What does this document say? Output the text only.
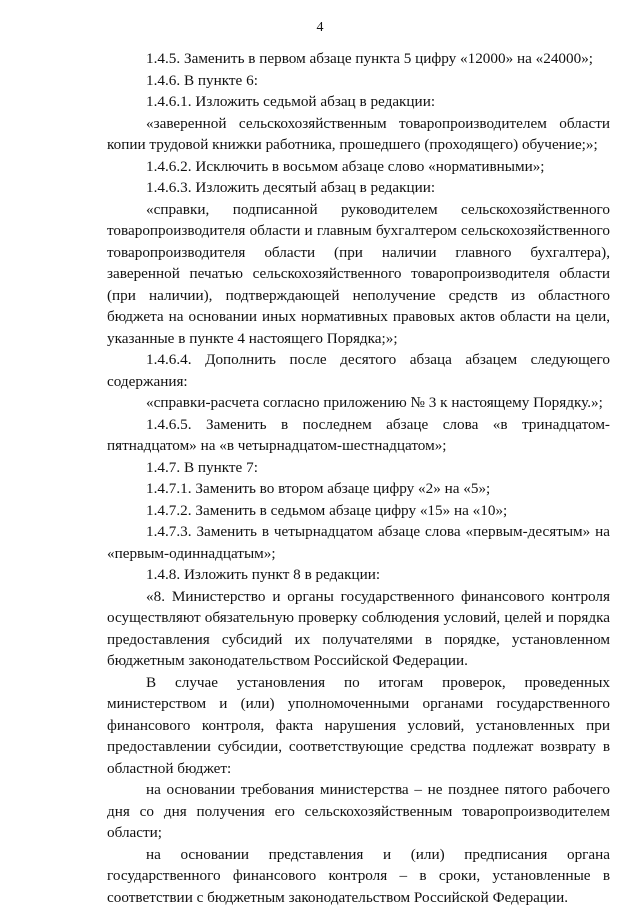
4

1.4.5. Заменить в первом абзаце пункта 5 цифру «12000» на «24000»;

1.4.6. В пункте 6:

1.4.6.1. Изложить седьмой абзац в редакции:

«заверенной сельскохозяйственным товаропроизводителем области копии трудовой книжки работника, прошедшего (проходящего) обучение;»;

1.4.6.2. Исключить в восьмом абзаце слово «нормативными»;

1.4.6.3. Изложить десятый абзац в редакции:

«справки, подписанной руководителем сельскохозяйственного товаропроизводителя области и главным бухгалтером сельскохозяйственного товаропроизводителя области (при наличии главного бухгалтера), заверенной печатью сельскохозяйственного товаропроизводителя области (при наличии), подтверждающей неполучение средств из областного бюджета на основании иных нормативных правовых актов области на цели, указанные в пункте 4 настоящего Порядка;»;

1.4.6.4. Дополнить после десятого абзаца абзацем следующего содержания:

«справки-расчета согласно приложению № 3 к настоящему Порядку.»;

1.4.6.5. Заменить в последнем абзаце слова «в тринадцатом-пятнадцатом» на «в четырнадцатом-шестнадцатом»;

1.4.7. В пункте 7:

1.4.7.1. Заменить во втором абзаце цифру «2» на «5»;

1.4.7.2. Заменить в седьмом абзаце цифру «15» на «10»;

1.4.7.3. Заменить в четырнадцатом абзаце слова «первым-десятым» на «первым-одиннадцатым»;

1.4.8. Изложить пункт 8 в редакции:

«8. Министерство и органы государственного финансового контроля осуществляют обязательную проверку соблюдения условий, целей и порядка предоставления субсидий их получателями в порядке, установленном бюджетным законодательством Российской Федерации.

В случае установления по итогам проверок, проведенных министерством и (или) уполномоченными органами государственного финансового контроля, факта нарушения условий, установленных при предоставлении субсидии, соответствующие средства подлежат возврату в областной бюджет:

на основании требования министерства – не позднее пятого рабочего дня со дня получения его сельскохозяйственным товаропроизводителем области;

на основании представления и (или) предписания органа государственного финансового контроля – в сроки, установленные в соответствии с бюджетным законодательством Российской Федерации.
